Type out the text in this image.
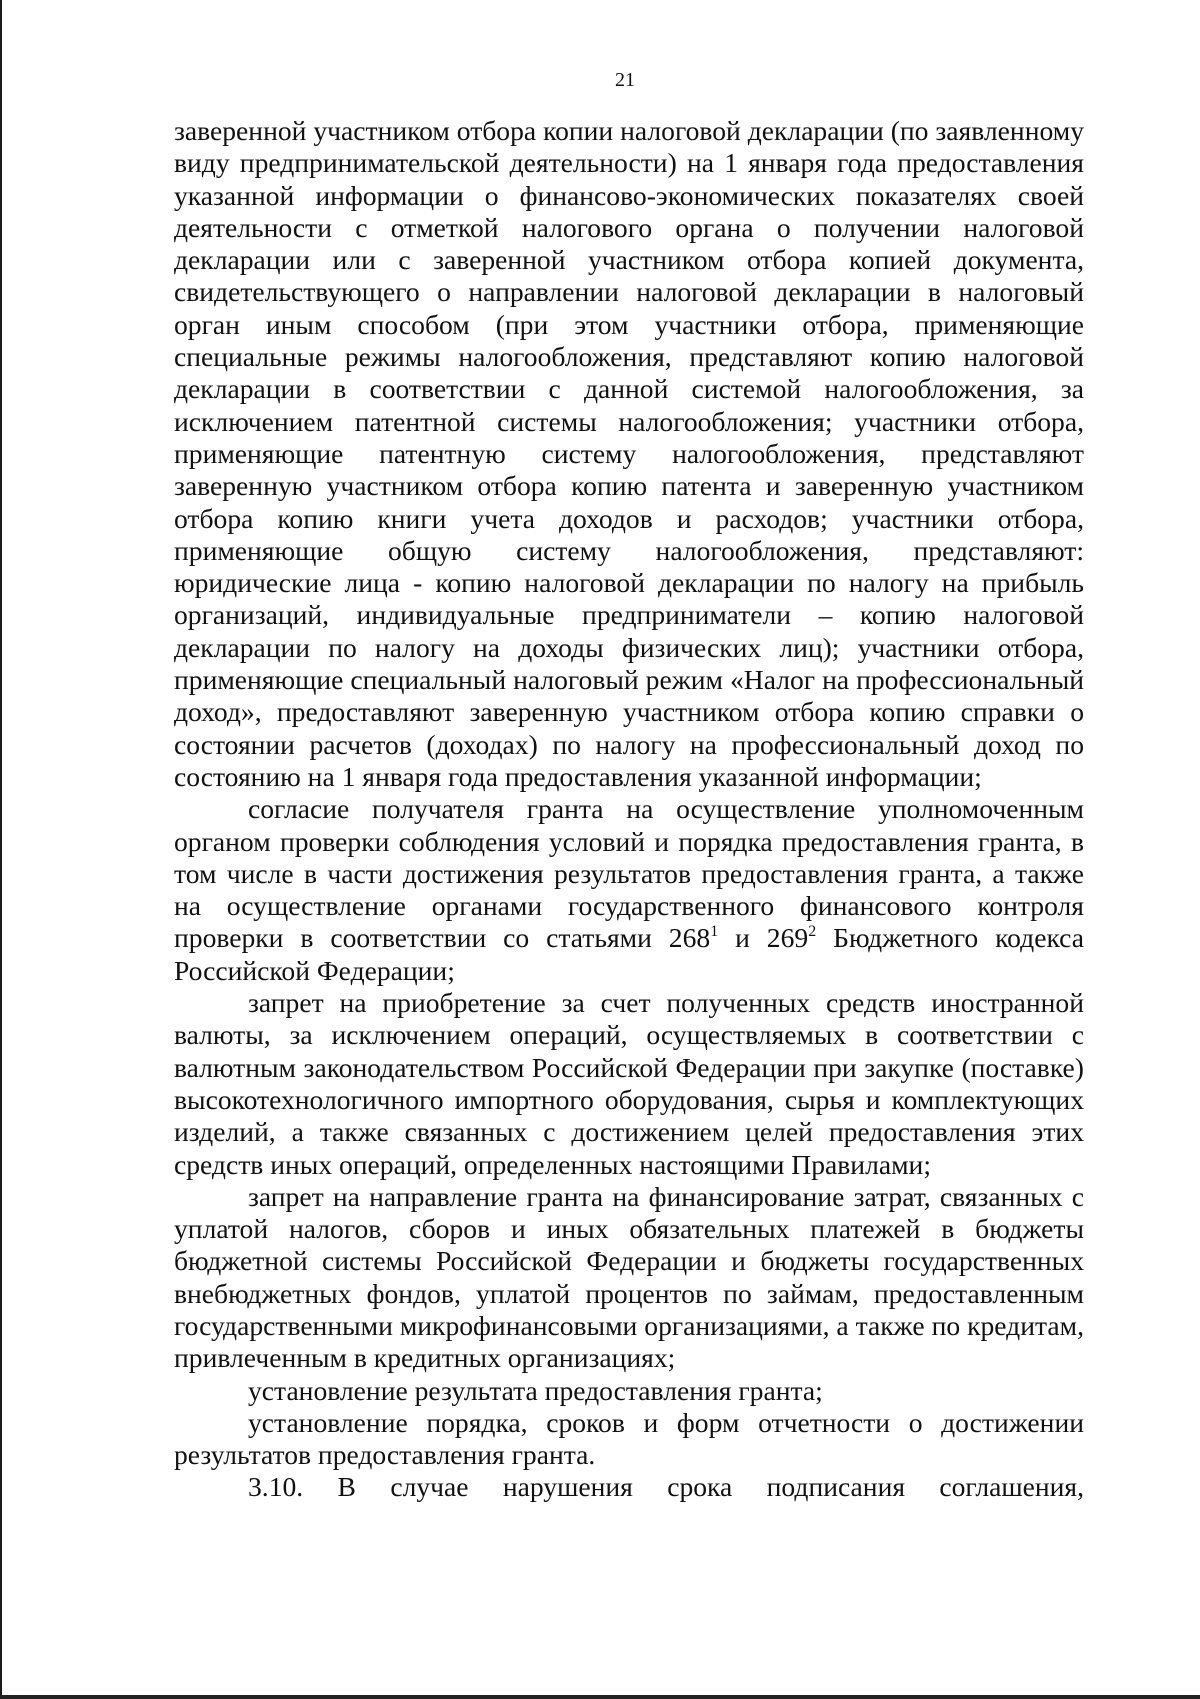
21

заверенной участником отбора копии налоговой декларации (по заявленному виду предпринимательской деятельности) на 1 января года предоставления указанной информации о финансово-экономических показателях своей деятельности с отметкой налогового органа о получении налоговой декларации или с заверенной участником отбора копией документа, свидетельствующего о направлении налоговой декларации в налоговый орган иным способом (при этом участники отбора, применяющие специальные режимы налогообложения, представляют копию налоговой декларации в соответствии с данной системой налогообложения, за исключением патентной системы налогообложения; участники отбора, применяющие патентную систему налогообложения, представляют заверенную участником отбора копию патента и заверенную участником отбора копию книги учета доходов и расходов; участники отбора, применяющие общую систему налогообложения, представляют: юридические лица - копию налоговой декларации по налогу на прибыль организаций, индивидуальные предприниматели – копию налоговой декларации по налогу на доходы физических лиц); участники отбора, применяющие специальный налоговый режим «Налог на профессиональный доход», предоставляют заверенную участником отбора копию справки о состоянии расчетов (доходах) по налогу на профессиональный доход по состоянию на 1 января года предоставления указанной информации;

согласие получателя гранта на осуществление уполномоченным органом проверки соблюдения условий и порядка предоставления гранта, в том числе в части достижения результатов предоставления гранта, а также на осуществление органами государственного финансового контроля проверки в соответствии со статьями $268^1$ и $269^2$ Бюджетного кодекса Российской Федерации;

запрет на приобретение за счет полученных средств иностранной валюты, за исключением операций, осуществляемых в соответствии с валютным законодательством Российской Федерации при закупке (поставке) высокотехнологичного импортного оборудования, сырья и комплектующих изделий, а также связанных с достижением целей предоставления этих средств иных операций, определенных настоящими Правилами;

запрет на направление гранта на финансирование затрат, связанных с уплатой налогов, сборов и иных обязательных платежей в бюджеты бюджетной системы Российской Федерации и бюджеты государственных внебюджетных фондов, уплатой процентов по займам, предоставленным государственными микрофинансовыми организациями, а также по кредитам, привлеченным в кредитных организациях;

установление результата предоставления гранта;

установление порядка, сроков и форм отчетности о достижении результатов предоставления гранта.

3.10. В случае нарушения срока подписания соглашения,
